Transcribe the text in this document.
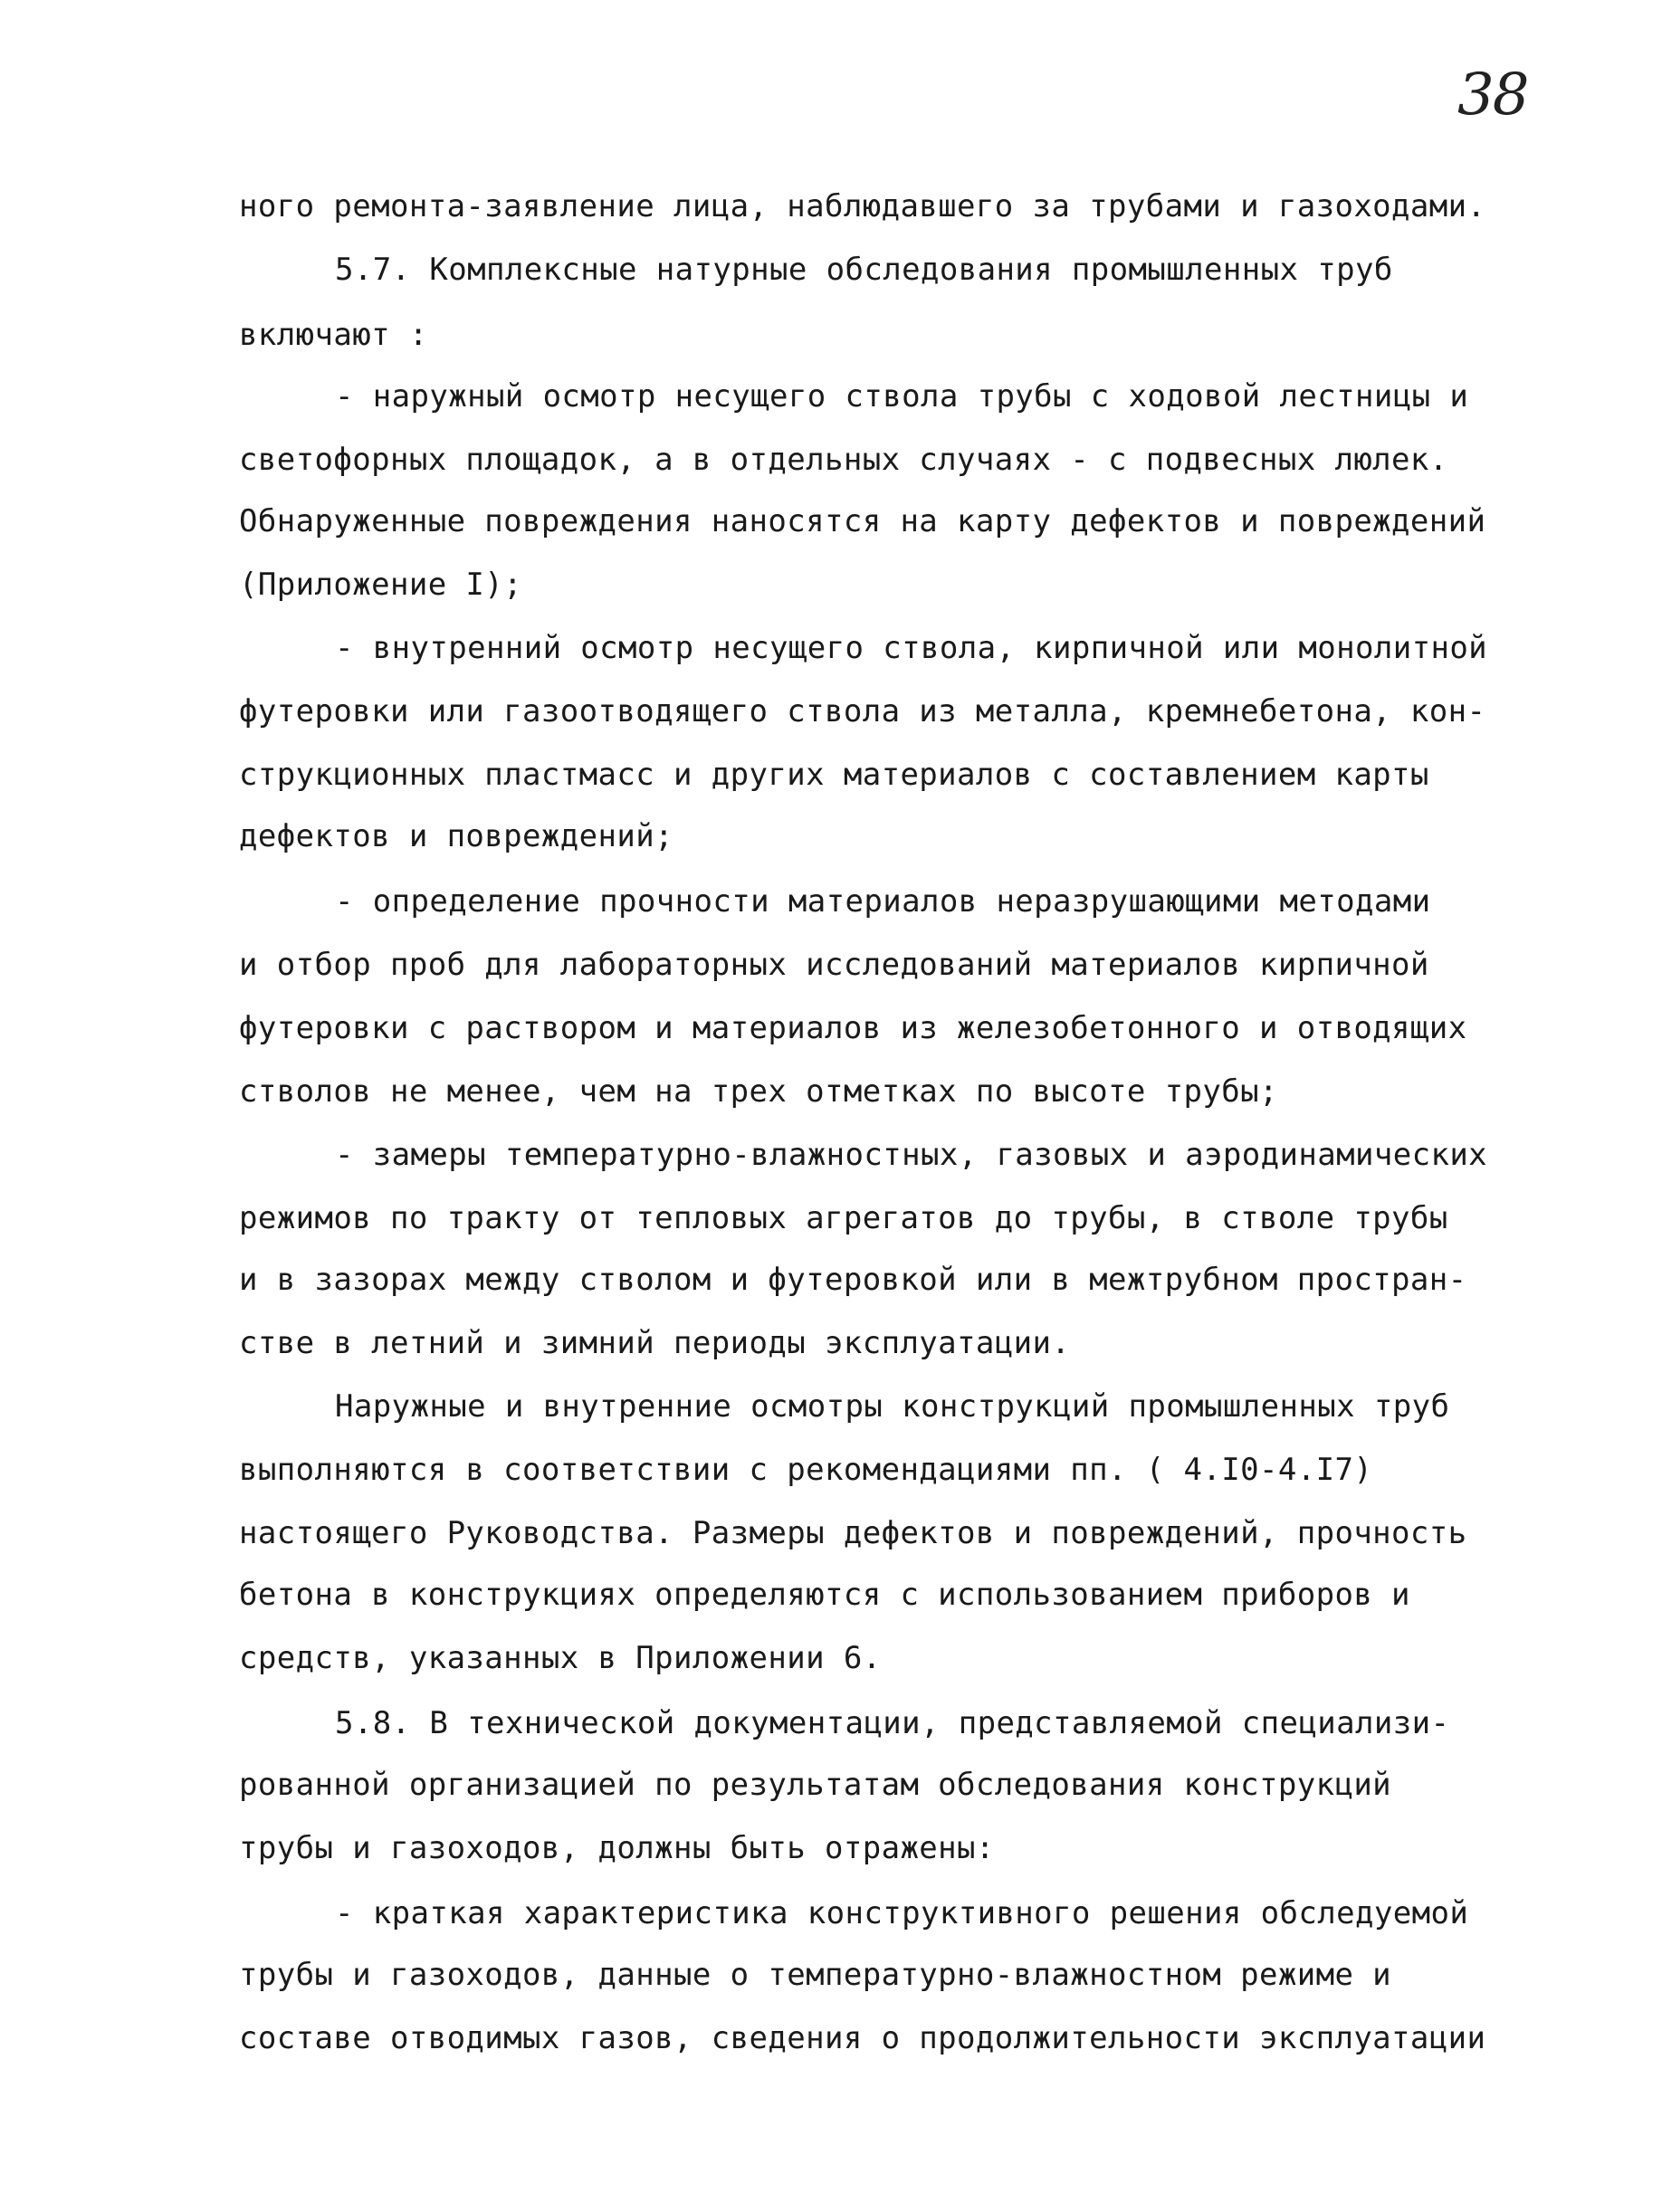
38
ного ремонта-заявление лица, наблюдавшего за трубами и газоходами.
5.7. Комплексные натурные обследования промышленных труб
включают :
- наружный осмотр несущего ствола трубы с ходовой лестницы и
светофорных площадок, а в отдельных случаях - с подвесных люлек.
Обнаруженные повреждения наносятся на карту дефектов и повреждений
(Приложение I);
- внутренний осмотр несущего ствола, кирпичной или монолитной
футеровки или газоотводящего ствола из металла, кремнебетона, кон-
струкционных пластмасс и других материалов с составлением карты
дефектов и повреждений;
- определение прочности материалов неразрушающими методами
и отбор проб для лабораторных исследований материалов кирпичной
футеровки с раствором и материалов из железобетонного и отводящих
стволов не менее, чем на трех отметках по высоте трубы;
- замеры температурно-влажностных, газовых и аэродинамических
режимов по тракту от тепловых агрегатов до трубы, в стволе трубы
и в зазорах между стволом и футеровкой или в межтрубном простран-
стве в летний и зимний периоды эксплуатации.
Наружные и внутренние осмотры конструкций промышленных труб
выполняются в соответствии с рекомендациями пп. ( 4.I0-4.I7)
настоящего Руководства. Размеры дефектов и повреждений, прочность
бетона в конструкциях определяются с использованием приборов и
средств, указанных в Приложении 6.
5.8. В технической документации, представляемой специализи-
рованной организацией по результатам обследования конструкций
трубы и газоходов, должны быть отражены:
- краткая характеристика конструктивного решения обследуемой
трубы и газоходов, данные о температурно-влажностном режиме и
составе отводимых газов, сведения о продолжительности эксплуатации
